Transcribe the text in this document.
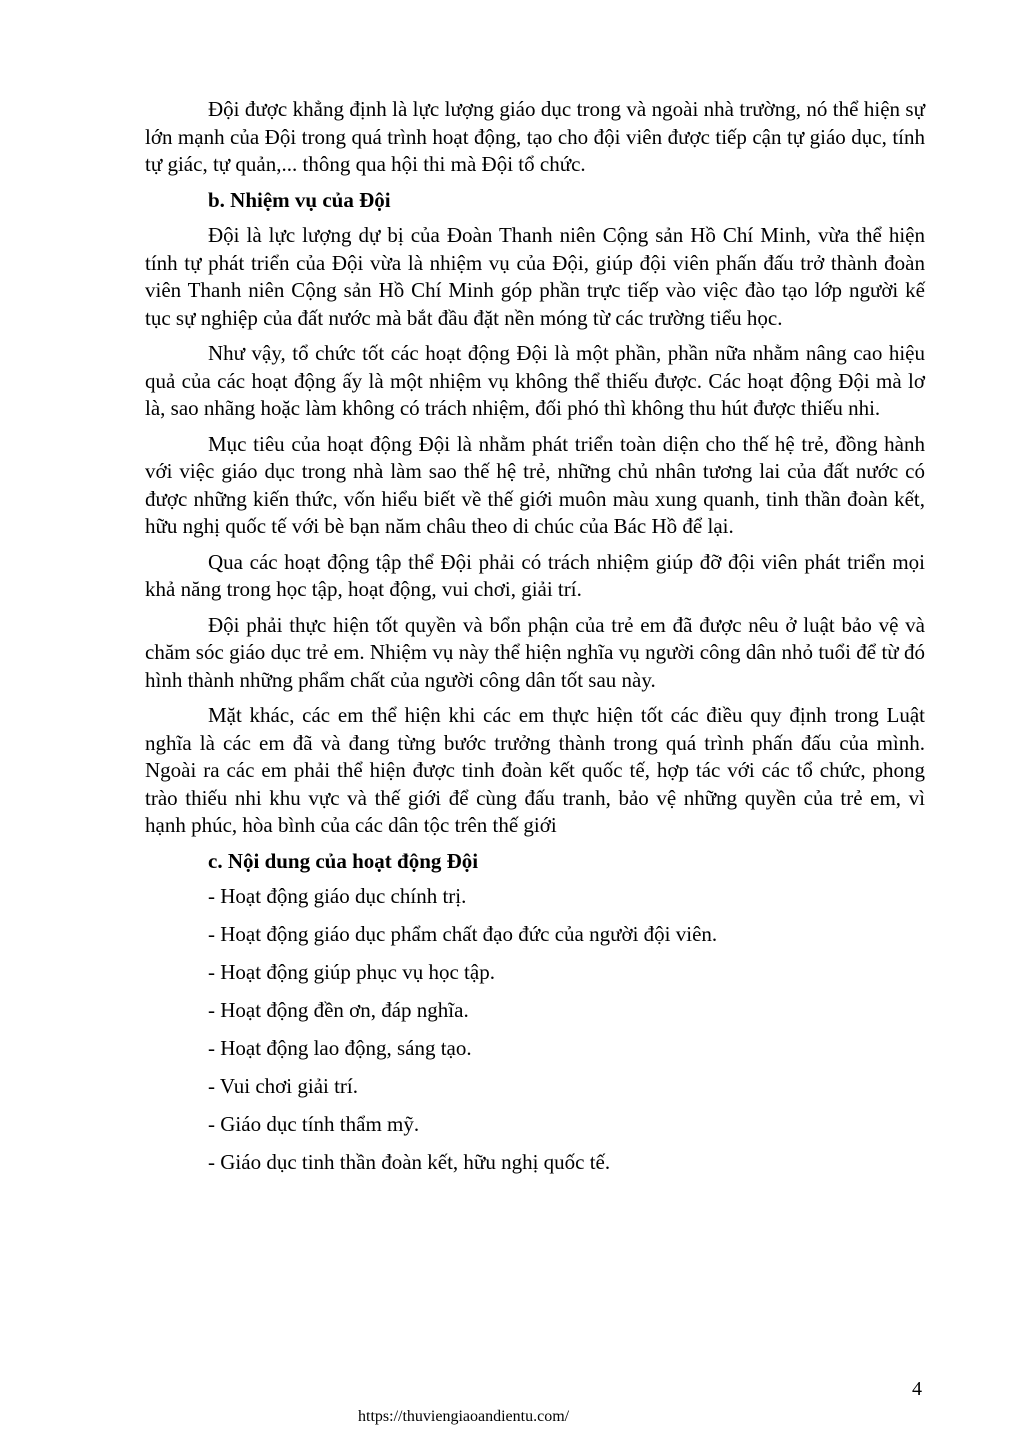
Đội được khẳng định là lực lượng giáo dục trong và ngoài nhà trường, nó thể hiện sự lớn mạnh của Đội trong quá trình hoạt động, tạo cho đội viên được tiếp cận tự giáo dục, tính tự giác, tự quản,... thông qua hội thi mà Đội tổ chức.

b. Nhiệm vụ của Đội

Đội là lực lượng dự bị của Đoàn Thanh niên Cộng sản Hồ Chí Minh, vừa thể hiện tính tự phát triển của Đội vừa là nhiệm vụ của Đội, giúp đội viên phấn đấu trở thành đoàn viên Thanh niên Cộng sản Hồ Chí Minh góp phần trực tiếp vào việc đào tạo lớp người kế tục sự nghiệp của đất nước mà bắt đầu đặt nền móng từ các trường tiểu học.

Như vậy, tổ chức tốt các hoạt động Đội là một phần, phần nữa nhằm nâng cao hiệu quả của các hoạt động ấy là một nhiệm vụ không thể thiếu được. Các hoạt động Đội mà lơ là, sao nhãng hoặc làm không có trách nhiệm, đối phó thì không thu hút được thiếu nhi.

Mục tiêu của hoạt động Đội là nhằm phát triển toàn diện cho thế hệ trẻ, đồng hành với việc giáo dục trong nhà làm sao thế hệ trẻ, những chủ nhân tương lai của đất nước có được những kiến thức, vốn hiểu biết về thế giới muôn màu xung quanh, tinh thần đoàn kết, hữu nghị quốc tế với bè bạn năm châu theo di chúc của Bác Hồ để lại.

Qua các hoạt động tập thể Đội phải có trách nhiệm giúp đỡ đội viên phát triển mọi khả năng trong học tập, hoạt động, vui chơi, giải trí.

Đội phải thực hiện tốt quyền và bổn phận của trẻ em đã được nêu ở luật bảo vệ và chăm sóc giáo dục trẻ em. Nhiệm vụ này thể hiện nghĩa vụ người công dân nhỏ tuổi để từ đó hình thành những phẩm chất của người công dân tốt sau này.

Mặt khác, các em thể hiện khi các em thực hiện tốt các điều quy định trong Luật nghĩa là các em đã và đang từng bước trưởng thành trong quá trình phấn đấu của mình. Ngoài ra các em phải thể hiện được tinh đoàn kết quốc tế, hợp tác với các tổ chức, phong trào thiếu nhi khu vực và thế giới để cùng đấu tranh, bảo vệ những quyền của trẻ em, vì hạnh phúc, hòa bình của các dân tộc trên thế giới

c. Nội dung của hoạt động Đội

- Hoạt động giáo dục chính trị.

- Hoạt động giáo dục phẩm chất đạo đức của người đội viên.

- Hoạt động giúp phục vụ học tập.

- Hoạt động đền ơn, đáp nghĩa.

- Hoạt động lao động, sáng tạo.

- Vui chơi giải trí.

- Giáo dục tính thẩm mỹ.

- Giáo dục tinh thần đoàn kết, hữu nghị quốc tế.

4
https://thuviengiaoandientu.com/
